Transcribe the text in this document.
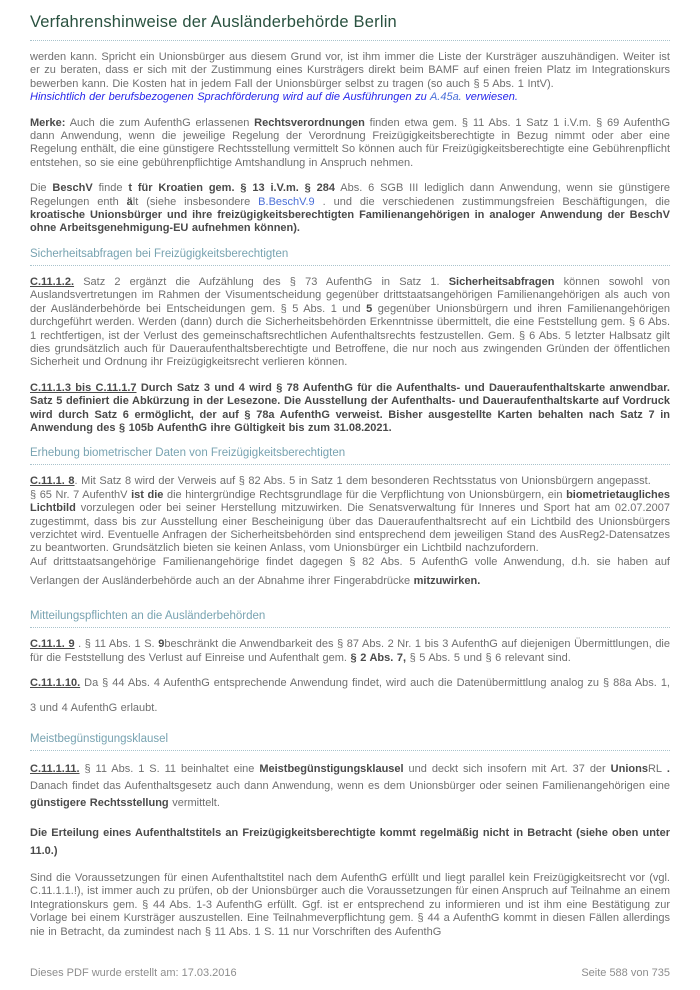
Verfahrenshinweise der Ausländerbehörde Berlin

werden kann. Spricht ein Unionsbürger aus diesem Grund vor, ist ihm immer die Liste der Kursträger auszuhändigen. Weiter ist er zu beraten, dass er sich mit der Zustimmung eines Kursträgers direkt beim BAMF auf einen freien Platz im Integrationskurs bewerben kann. Die Kosten hat in jedem Fall der Unionsbürger selbst zu tragen (so auch § 5 Abs. 1 IntV).
Hinsichtlich der berufsbezogenen Sprachförderung wird auf die Ausführungen zu A.45a. verwiesen.

Merke: Auch die zum AufenthG erlassenen Rechtsverordnungen finden etwa gem. § 11 Abs. 1 Satz 1 i.V.m. § 69 AufenthG dann Anwendung, wenn die jeweilige Regelung der Verordnung Freizügigkeitsberechtigte in Bezug nimmt oder aber eine Regelung enthält, die eine günstigere Rechtsstellung vermittelt So können auch für Freizügigkeitsberechtigte eine Gebührenpflicht entstehen, so sie eine gebührenpflichtige Amtshandlung in Anspruch nehmen.

Die BeschV finde t für Kroatien gem. § 13 i.V.m. § 284 Abs. 6 SGB III lediglich dann Anwendung, wenn sie günstigere Regelungen enth ält (siehe insbesondere B.BeschV.9 . und die verschiedenen zustimmungsfreien Beschäftigungen, die kroatische Unionsbürger und ihre freizügigkeitsberechtigten Familienangehörigen in analoger Anwendung der BeschV ohne Arbeitsgenehmigung-EU aufnehmen können).

Sicherheitsabfragen bei Freizügigkeitsberechtigten

C.11.1.2. Satz 2 ergänzt die Aufzählung des § 73 AufenthG in Satz 1. Sicherheitsabfragen können sowohl von Auslandsvertretungen im Rahmen der Visumentscheidung gegenüber drittstaatsangehörigen Familienangehörigen als auch von der Ausländerbehörde bei Entscheidungen gem. § 5 Abs. 1 und 5 gegenüber Unionsbürgern und ihren Familienangehörigen durchgeführt werden. Werden (dann) durch die Sicherheitsbehörden Erkenntnisse übermittelt, die eine Feststellung gem. § 6 Abs. 1 rechtfertigen, ist der Verlust des gemeinschaftsrechtlichen Aufenthaltsrechts festzustellen. Gem. § 6 Abs. 5 letzter Halbsatz gilt dies grundsätzlich auch für Daueraufenthaltsberechtigte und Betroffene, die nur noch aus zwingenden Gründen der öffentlichen Sicherheit und Ordnung ihr Freizügigkeitsrecht verlieren können.

C.11.1.3 bis C.11.1.7 Durch Satz 3 und 4 wird § 78 AufenthG für die Aufenthalts- und Daueraufenthaltskarte anwendbar. Satz 5 definiert die Abkürzung in der Lesezone. Die Ausstellung der Aufenthalts- und Daueraufenthaltskarte auf Vordruck wird durch Satz 6 ermöglicht, der auf § 78a AufenthG verweist. Bisher ausgestellte Karten behalten nach Satz 7 in Anwendung des § 105b AufenthG ihre Gültigkeit bis zum 31.08.2021.

Erhebung biometrischer Daten von Freizügigkeitsberechtigten

C.11.1. 8. Mit Satz 8 wird der Verweis auf § 82 Abs. 5 in Satz 1 dem besonderen Rechtsstatus von Unionsbürgern angepasst.
§ 65 Nr. 7 AufenthV ist die die hintergründige Rechtsgrundlage für die Verpflichtung von Unionsbürgern, ein biometrietaugliches Lichtbild vorzulegen oder bei seiner Herstellung mitzuwirken. Die Senatsverwaltung für Inneres und Sport hat am 02.07.2007 zugestimmt, dass bis zur Ausstellung einer Bescheinigung über das Daueraufenthaltsrecht auf ein Lichtbild des Unionsbürgers verzichtet wird. Eventuelle Anfragen der Sicherheitsbehörden sind entsprechend dem jeweiligen Stand des AusReg2-Datensatzes zu beantworten. Grundsätzlich bieten sie keinen Anlass, vom Unionsbürger ein Lichtbild nachzufordern.
Auf drittstaatsangehörige Familienangehörige findet dagegen § 82 Abs. 5 AufenthG volle Anwendung, d.h. sie haben auf Verlangen der Ausländerbehörde auch an der Abnahme ihrer Fingerabdrücke mitzuwirken.

Mitteilungspflichten an die Ausländerbehörden

C.11.1. 9 . § 11 Abs. 1 S. 9beschränkt die Anwendbarkeit des § 87 Abs. 2 Nr. 1 bis 3 AufenthG auf diejenigen Übermittlungen, die für die Feststellung des Verlust auf Einreise und Aufenthalt gem. § 2 Abs. 7, § 5 Abs. 5 und § 6 relevant sind.

C.11.1.10. Da § 44 Abs. 4 AufenthG entsprechende Anwendung findet, wird auch die Datenübermittlung analog zu § 88a Abs. 1, 3 und 4 AufenthG erlaubt.

Meistbegünstigungsklausel

C.11.1.11. § 11 Abs. 1 S. 11 beinhaltet eine Meistbegünstigungsklausel und deckt sich insofern mit Art. 37 der UnionsRL . Danach findet das Aufenthaltsgesetz auch dann Anwendung, wenn es dem Unionsbürger oder seinen Familienangehörigen eine günstigere Rechtsstellung vermittelt.

Die Erteilung eines Aufenthaltstitels an Freizügigkeitsberechtigte kommt regelmäßig nicht in Betracht (siehe oben unter 11.0.)

Sind die Voraussetzungen für einen Aufenthaltstitel nach dem AufenthG erfüllt und liegt parallel kein Freizügigkeitsrecht vor (vgl. C.11.1.1.!), ist immer auch zu prüfen, ob der Unionsbürger auch die Voraussetzungen für einen Anspruch auf Teilnahme an einem Integrationskurs gem. § 44 Abs. 1-3 AufenthG erfüllt. Ggf. ist er entsprechend zu informieren und ist ihm eine Bestätigung zur Vorlage bei einem Kursträger auszustellen. Eine Teilnahmeverpflichtung gem. § 44 a AufenthG kommt in diesen Fällen allerdings nie in Betracht, da zumindest nach § 11 Abs. 1 S. 11 nur Vorschriften des AufenthG

Dieses PDF wurde erstellt am: 17.03.2016	Seite 588 von 735
